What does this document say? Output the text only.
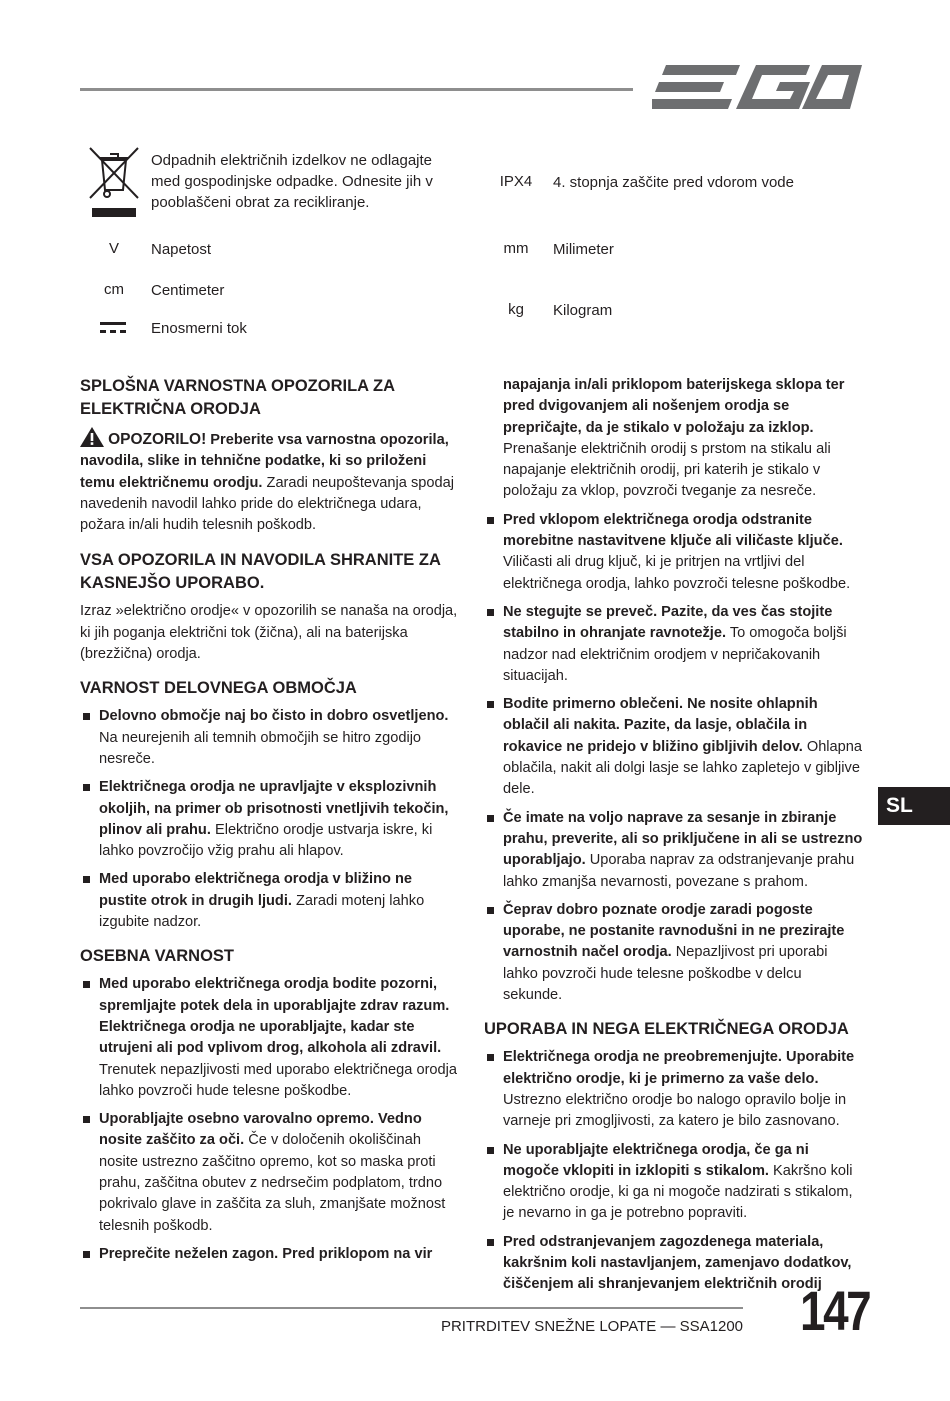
Odpadnih električnih izdelkov ne odlagajte
med gospodinjske odpadke. Odnesite jih v
pooblaščeni obrat za recikliranje.
V	Napetost
cm	Centimeter
Enosmerni tok
IPX4	4. stopnja zaščite pred vdorom vode
mm	Milimeter
kg	Kilogram
SPLOŠNA VARNOSTNA OPOZORILA ZA
ELEKTRIČNA ORODJA

OPOZORILO! Preberite vsa varnostna opozorila, navodila, slike in tehnične podatke, ki so priloženi temu električnemu orodju. Zaradi neupoštevanja spodaj navedenih navodil lahko pride do električnega udara, požara in/ali hudih telesnih poškodb.

VSA OPOZORILA IN NAVODILA SHRANITE ZA
KASNEJŠO UPORABO.

Izraz »električno orodje« v opozorilih se nanaša na orodja, ki jih poganja električni tok (žična), ali na baterijska (brezžična) orodja.

VARNOST DELOVNEGA OBMOČJA

Delovno območje naj bo čisto in dobro osvetljeno. Na neurejenih ali temnih območjih se hitro zgodijo nesreče.

Električnega orodja ne upravljajte v eksplozivnih okoljih, na primer ob prisotnosti vnetljivih tekočin, plinov ali prahu. Električno orodje ustvarja iskre, ki lahko povzročijo vžig prahu ali hlapov.

Med uporabo električnega orodja v bližino ne pustite otrok in drugih ljudi. Zaradi motenj lahko izgubite nadzor.

OSEBNA VARNOST

Med uporabo električnega orodja bodite pozorni, spremljajte potek dela in uporabljajte zdrav razum. Električnega orodja ne uporabljajte, kadar ste utrujeni ali pod vplivom drog, alkohola ali zdravil. Trenutek nepazljivosti med uporabo električnega orodja lahko povzroči hude telesne poškodbe.

Uporabljajte osebno varovalno opremo. Vedno nosite zaščito za oči. Če v določenih okoliščinah nosite ustrezno zaščitno opremo, kot so maska proti prahu, zaščitna obutev z nedrsečim podplatom, trdno pokrivalo glave in zaščita za sluh, zmanjšate možnost telesnih poškodb.

Preprečite neželen zagon. Pred priklopom na vir

napajanja in/ali priklopom baterijskega sklopa ter pred dvigovanjem ali nošenjem orodja se prepričajte, da je stikalo v položaju za izklop. Prenašanje električnih orodij s prstom na stikalu ali napajanje električnih orodij, pri katerih je stikalo v položaju za vklop, povzroči tveganje za nesreče.

Pred vklopom električnega orodja odstranite morebitne nastavitvene ključe ali viličaste ključe. Viličasti ali drug ključ, ki je pritrjen na vrtljivi del električnega orodja, lahko povzroči telesne poškodbe.

Ne stegujte se preveč. Pazite, da ves čas stojite stabilno in ohranjate ravnotežje. To omogoča boljši nadzor nad električnim orodjem v nepričakovanih situacijah.

Bodite primerno oblečeni. Ne nosite ohlapnih oblačil ali nakita. Pazite, da lasje, oblačila in rokavice ne pridejo v bližino gibljivih delov. Ohlapna oblačila, nakit ali dolgi lasje se lahko zapletejo v gibljive dele.

Če imate na voljo naprave za sesanje in zbiranje prahu, preverite, ali so priključene in ali se ustrezno uporabljajo. Uporaba naprav za odstranjevanje prahu lahko zmanjša nevarnosti, povezane s prahom.

Čeprav dobro poznate orodje zaradi pogoste uporabe, ne postanite ravnodušni in ne prezirajte varnostnih načel orodja. Nepazljivost pri uporabi lahko povzroči hude telesne poškodbe v delcu sekunde.

UPORABA IN NEGA ELEKTRIČNEGA ORODJA

Električnega orodja ne preobremenjujte. Uporabite električno orodje, ki je primerno za vaše delo. Ustrezno električno orodje bo nalogo opravilo bolje in varneje pri zmogljivosti, za katero je bilo zasnovano.

Ne uporabljajte električnega orodja, če ga ni mogoče vklopiti in izklopiti s stikalom. Kakršno koli električno orodje, ki ga ni mogoče nadzirati s stikalom, je nevarno in ga je potrebno popraviti.

Pred odstranjevanjem zagozdenega materiala, kakršnim koli nastavljanjem, zamenjavo dodatkov, čiščenjem ali shranjevanjem električnih orodij

SL
PRITRDITEV SNEŽNE LOPATE — SSA1200 147
